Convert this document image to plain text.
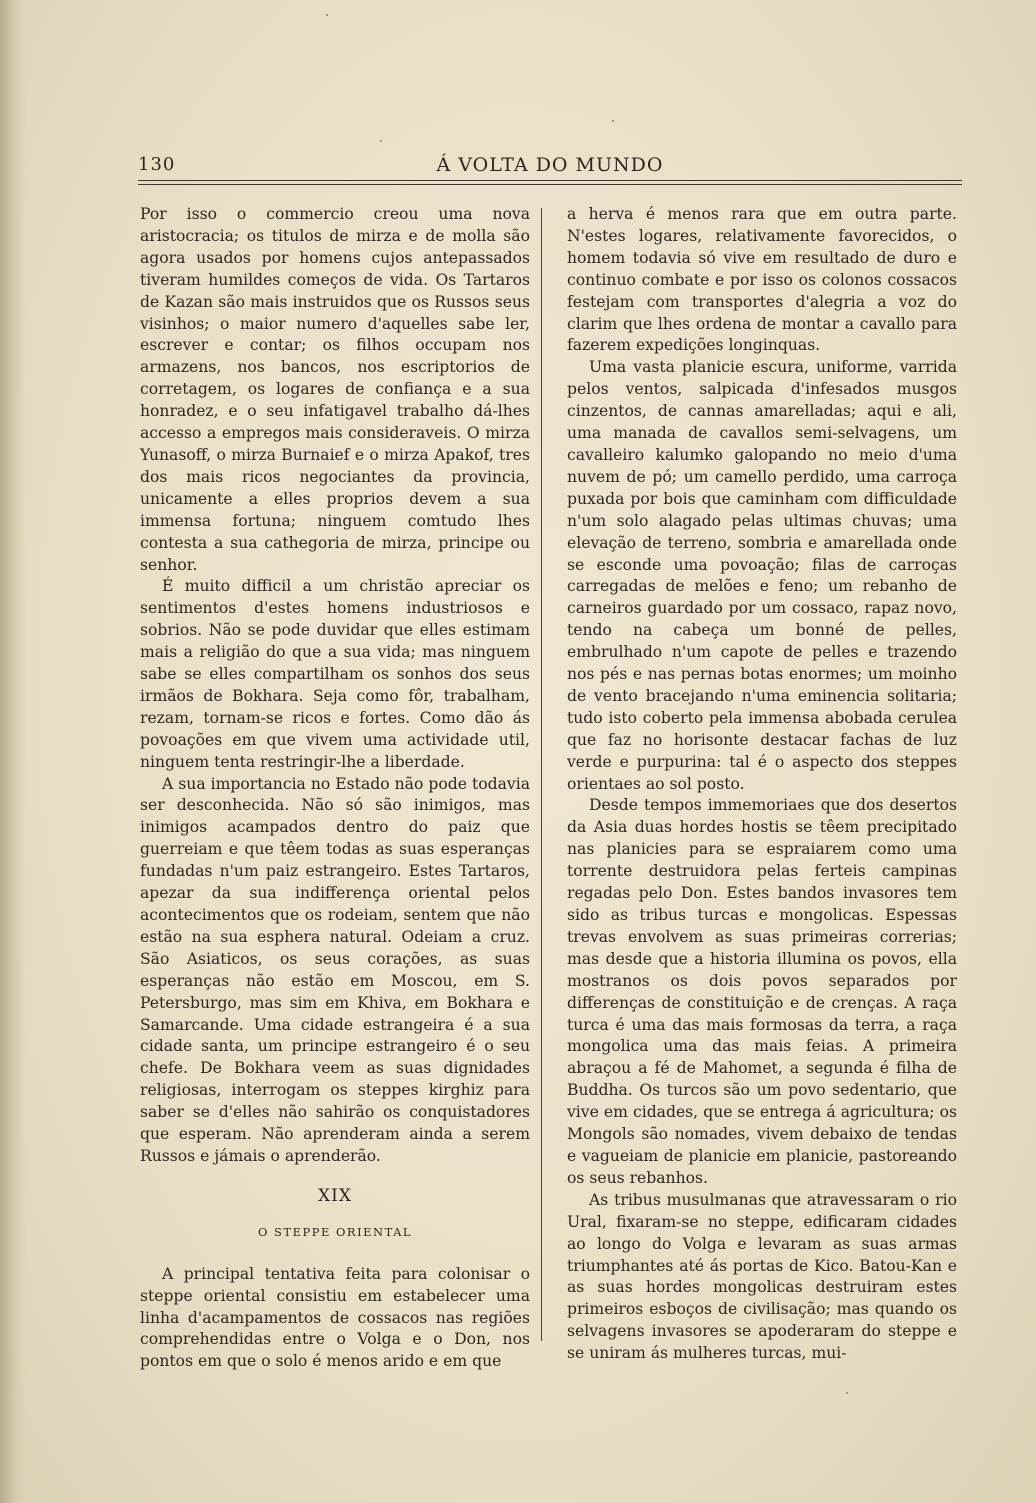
130	Á VOLTA DO MUNDO

Por isso o commercio creou uma nova aristocracia; os titulos de mirza e de molla são agora usados por homens cujos antepassados tiveram humildes começos de vida. Os Tartaros de Kazan são mais instruidos que os Russos seus visinhos; o maior numero d'aquelles sabe ler, escrever e contar; os filhos occupam nos armazens, nos bancos, nos escriptorios de corretagem, os logares de confiança e a sua honradez, e o seu infatigavel trabalho dá-lhes accesso a empregos mais consideraveis. O mirza Yunasoff, o mirza Burnaief e o mirza Apakof, tres dos mais ricos negociantes da provincia, unicamente a elles proprios devem a sua immensa fortuna; ninguem comtudo lhes contesta a sua cathegoria de mirza, principe ou senhor.

É muito difficil a um christão apreciar os sentimentos d'estes homens industriosos e sobrios. Não se pode duvidar que elles estimam mais a religião do que a sua vida; mas ninguem sabe se elles compartilham os sonhos dos seus irmãos de Bokhara. Seja como fôr, trabalham, rezam, tornam-se ricos e fortes. Como dão ás povoações em que vivem uma actividade util, ninguem tenta restringir-lhe a liberdade.

A sua importancia no Estado não pode todavia ser desconhecida. Não só são inimigos, mas inimigos acampados dentro do paiz que guerreiam e que têem todas as suas esperanças fundadas n'um paiz estrangeiro. Estes Tartaros, apezar da sua indifferença oriental pelos acontecimentos que os rodeiam, sentem que não estão na sua esphera natural. Odeiam a cruz. São Asiaticos, os seus corações, as suas esperanças não estão em Moscou, em S. Petersburgo, mas sim em Khiva, em Bokhara e Samarcande. Uma cidade estrangeira é a sua cidade santa, um principe estrangeiro é o seu chefe. De Bokhara veem as suas dignidades religiosas, interrogam os steppes kirghiz para saber se d'elles não sahirão os conquistadores que esperam. Não aprenderam ainda a serem Russos e jámais o aprenderão.

XIX
O STEPPE ORIENTAL

A principal tentativa feita para colonisar o steppe oriental consistiu em estabelecer uma linha d'acampamentos de cossacos nas regiões comprehendidas entre o Volga e o Don, nos pontos em que o solo é menos arido e em que

a herva é menos rara que em outra parte. N'estes logares, relativamente favorecidos, o homem todavia só vive em resultado de duro e continuo combate e por isso os colonos cossacos festejam com transportes d'alegria a voz do clarim que lhes ordena de montar a cavallo para fazerem expedições longinquas.

Uma vasta planicie escura, uniforme, varrida pelos ventos, salpicada d'infesados musgos cinzentos, de cannas amarelladas; aqui e ali, uma manada de cavallos semi-selvagens, um cavalleiro kalumko galopando no meio d'uma nuvem de pó; um camello perdido, uma carroça puxada por bois que caminham com difficuldade n'um solo alagado pelas ultimas chuvas; uma elevação de terreno, sombria e amarellada onde se esconde uma povoação; filas de carroças carregadas de melões e feno; um rebanho de carneiros guardado por um cossaco, rapaz novo, tendo na cabeça um bonné de pelles, embrulhado n'um capote de pelles e trazendo nos pés e nas pernas botas enormes; um moinho de vento bracejando n'uma eminencia solitaria; tudo isto coberto pela immensa abobada cerulea que faz no horisonte destacar fachas de luz verde e purpurina: tal é o aspecto dos steppes orientaes ao sol posto.

Desde tempos immemoriaes que dos desertos da Asia duas hordes hostis se têem precipitado nas planicies para se espraiarem como uma torrente destruidora pelas ferteis campinas regadas pelo Don. Estes bandos invasores tem sido as tribus turcas e mongolicas. Espessas trevas envolvem as suas primeiras correrias; mas desde que a historia illumina os povos, ella mostranos os dois povos separados por differenças de constituição e de crenças. A raça turca é uma das mais formosas da terra, a raça mongolica uma das mais feias. A primeira abraçou a fé de Mahomet, a segunda é filha de Buddha. Os turcos são um povo sedentario, que vive em cidades, que se entrega á agricultura; os Mongols são nomades, vivem debaixo de tendas e vagueiam de planicie em planicie, pastoreando os seus rebanhos.

As tribus musulmanas que atravessaram o rio Ural, fixaram-se no steppe, edificaram cidades ao longo do Volga e levaram as suas armas triumphantes até ás portas de Kico. Batou-Kan e as suas hordes mongolicas destruiram estes primeiros esboços de civilisação; mas quando os selvagens invasores se apoderaram do steppe e se uniram ás mulheres turcas, mui-
